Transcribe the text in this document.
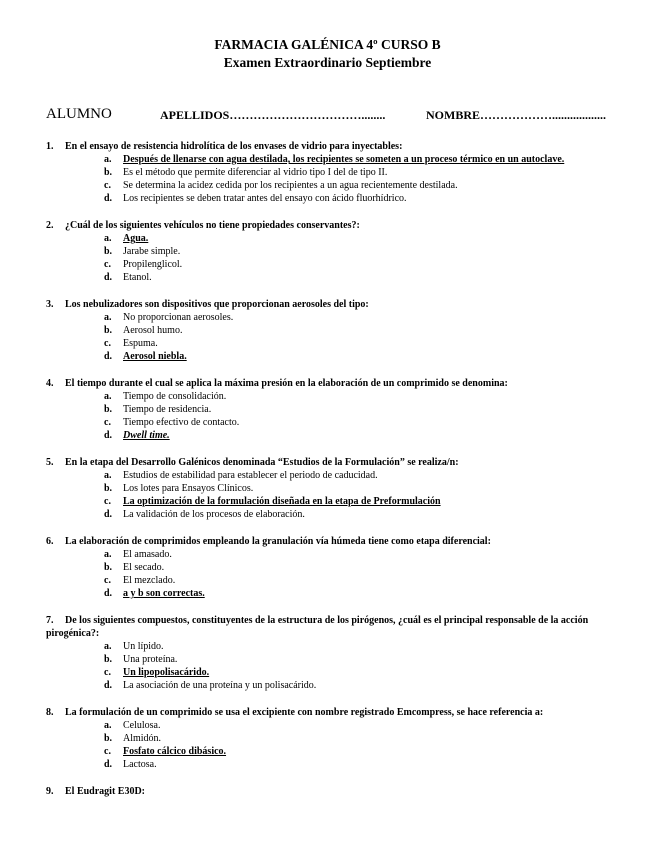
FARMACIA GALÉNICA 4º CURSO B
Examen Extraordinario Septiembre
ALUMNO	APELLIDOS……………………………........	NOMBRE………………..................
1.	En el ensayo de resistencia hidrolítica de los envases de vidrio para inyectables:
a.	Después de llenarse con agua destilada, los recipientes se someten a un proceso térmico en un autoclave.
b.	Es el método que permite diferenciar al vidrio tipo I del de tipo II.
c.	Se determina la acidez cedida por los recipientes a un agua recientemente destilada.
d.	Los recipientes se deben tratar antes del ensayo con ácido fluorhídrico.
2.	¿Cuál de los siguientes vehículos no tiene propiedades conservantes?:
a.	Agua.
b.	Jarabe simple.
c.	Propilenglicol.
d.	Etanol.
3.	Los nebulizadores son dispositivos que proporcionan aerosoles del tipo:
a.	No proporcionan aerosoles.
b.	Aerosol humo.
c.	Espuma.
d.	Aerosol niebla.
4.	El tiempo durante el cual se aplica la máxima presión en la elaboración de un comprimido se denomina:
a.	Tiempo de consolidación.
b.	Tiempo de residencia.
c.	Tiempo efectivo de contacto.
d.	Dwell time.
5.	En la etapa del Desarrollo Galénicos denominada “Estudios de la Formulación” se realiza/n:
a.	Estudios de estabilidad para establecer el periodo de caducidad.
b.	Los lotes para Ensayos Clínicos.
c.	La optimización de la formulación diseñada en la etapa de Preformulación
d.	La validación de los procesos de elaboración.
6.	La elaboración de comprimidos empleando la granulación vía húmeda tiene como etapa diferencial:
a.	El amasado.
b.	El secado.
c.	El mezclado.
d.	a y b son correctas.
7. De los siguientes compuestos, constituyentes de la estructura de los pirógenos, ¿cuál es el principal responsable de la acción pirogénica?:
a.	Un lípido.
b.	Una proteína.
c.	Un lipopolisacárido.
d.	La asociación de una proteína y un polisacárido.
8.	La formulación de un comprimido se usa el excipiente con nombre registrado Emcompress, se hace referencia a:
a.	Celulosa.
b.	Almidón.
c.	Fosfato cálcico dibásico.
d.	Lactosa.
9.	El Eudragit E30D:
